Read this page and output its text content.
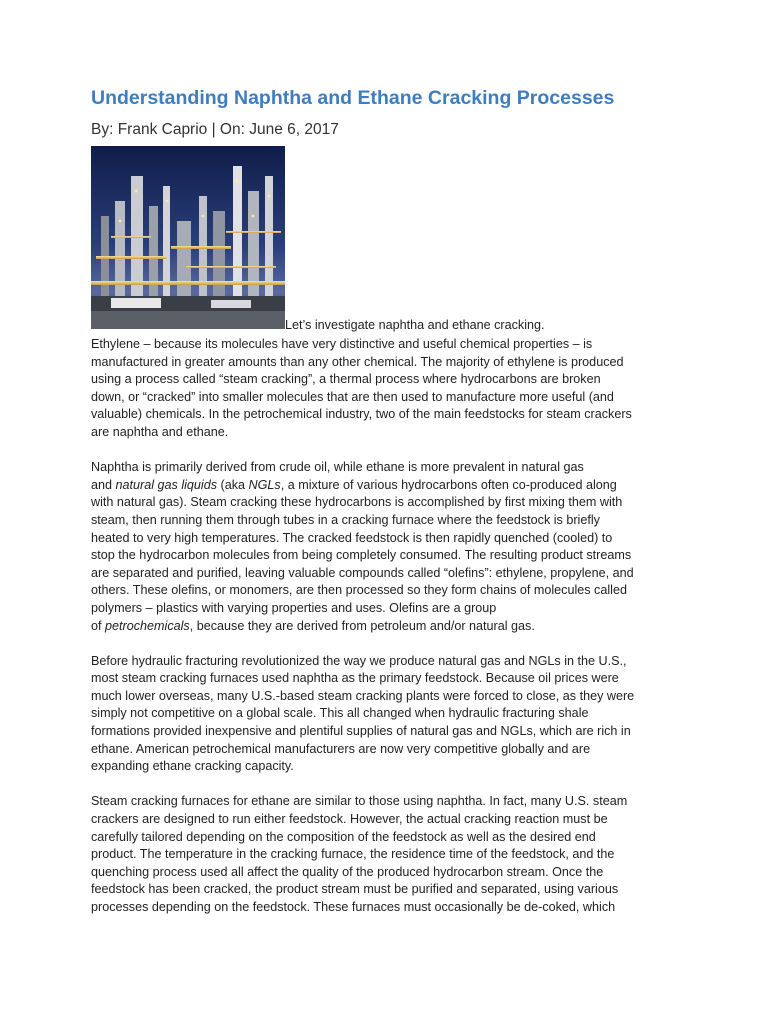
Understanding Naphtha and Ethane Cracking Processes
By: Frank Caprio | On: June 6, 2017
Let’s investigate naphtha and ethane cracking.

Ethylene – because its molecules have very distinctive and useful chemical properties – is
manufactured in greater amounts than any other chemical. The majority of ethylene is produced
using a process called “steam cracking”, a thermal process where hydrocarbons are broken
down, or “cracked” into smaller molecules that are then used to manufacture more useful (and
valuable) chemicals. In the petrochemical industry, two of the main feedstocks for steam crackers
are naphtha and ethane.

Naphtha is primarily derived from crude oil, while ethane is more prevalent in natural gas
and natural gas liquids (aka NGLs, a mixture of various hydrocarbons often co-produced along
with natural gas). Steam cracking these hydrocarbons is accomplished by first mixing them with
steam, then running them through tubes in a cracking furnace where the feedstock is briefly
heated to very high temperatures. The cracked feedstock is then rapidly quenched (cooled) to
stop the hydrocarbon molecules from being completely consumed. The resulting product streams
are separated and purified, leaving valuable compounds called “olefins”: ethylene, propylene, and
others. These olefins, or monomers, are then processed so they form chains of molecules called
polymers – plastics with varying properties and uses. Olefins are a group
of petrochemicals, because they are derived from petroleum and/or natural gas.

Before hydraulic fracturing revolutionized the way we produce natural gas and NGLs in the U.S.,
most steam cracking furnaces used naphtha as the primary feedstock. Because oil prices were
much lower overseas, many U.S.-based steam cracking plants were forced to close, as they were
simply not competitive on a global scale. This all changed when hydraulic fracturing shale
formations provided inexpensive and plentiful supplies of natural gas and NGLs, which are rich in
ethane. American petrochemical manufacturers are now very competitive globally and are
expanding ethane cracking capacity.

Steam cracking furnaces for ethane are similar to those using naphtha. In fact, many U.S. steam
crackers are designed to run either feedstock. However, the actual cracking reaction must be
carefully tailored depending on the composition of the feedstock as well as the desired end
product. The temperature in the cracking furnace, the residence time of the feedstock, and the
quenching process used all affect the quality of the produced hydrocarbon stream. Once the
feedstock has been cracked, the product stream must be purified and separated, using various
processes depending on the feedstock. These furnaces must occasionally be de-coked, which
